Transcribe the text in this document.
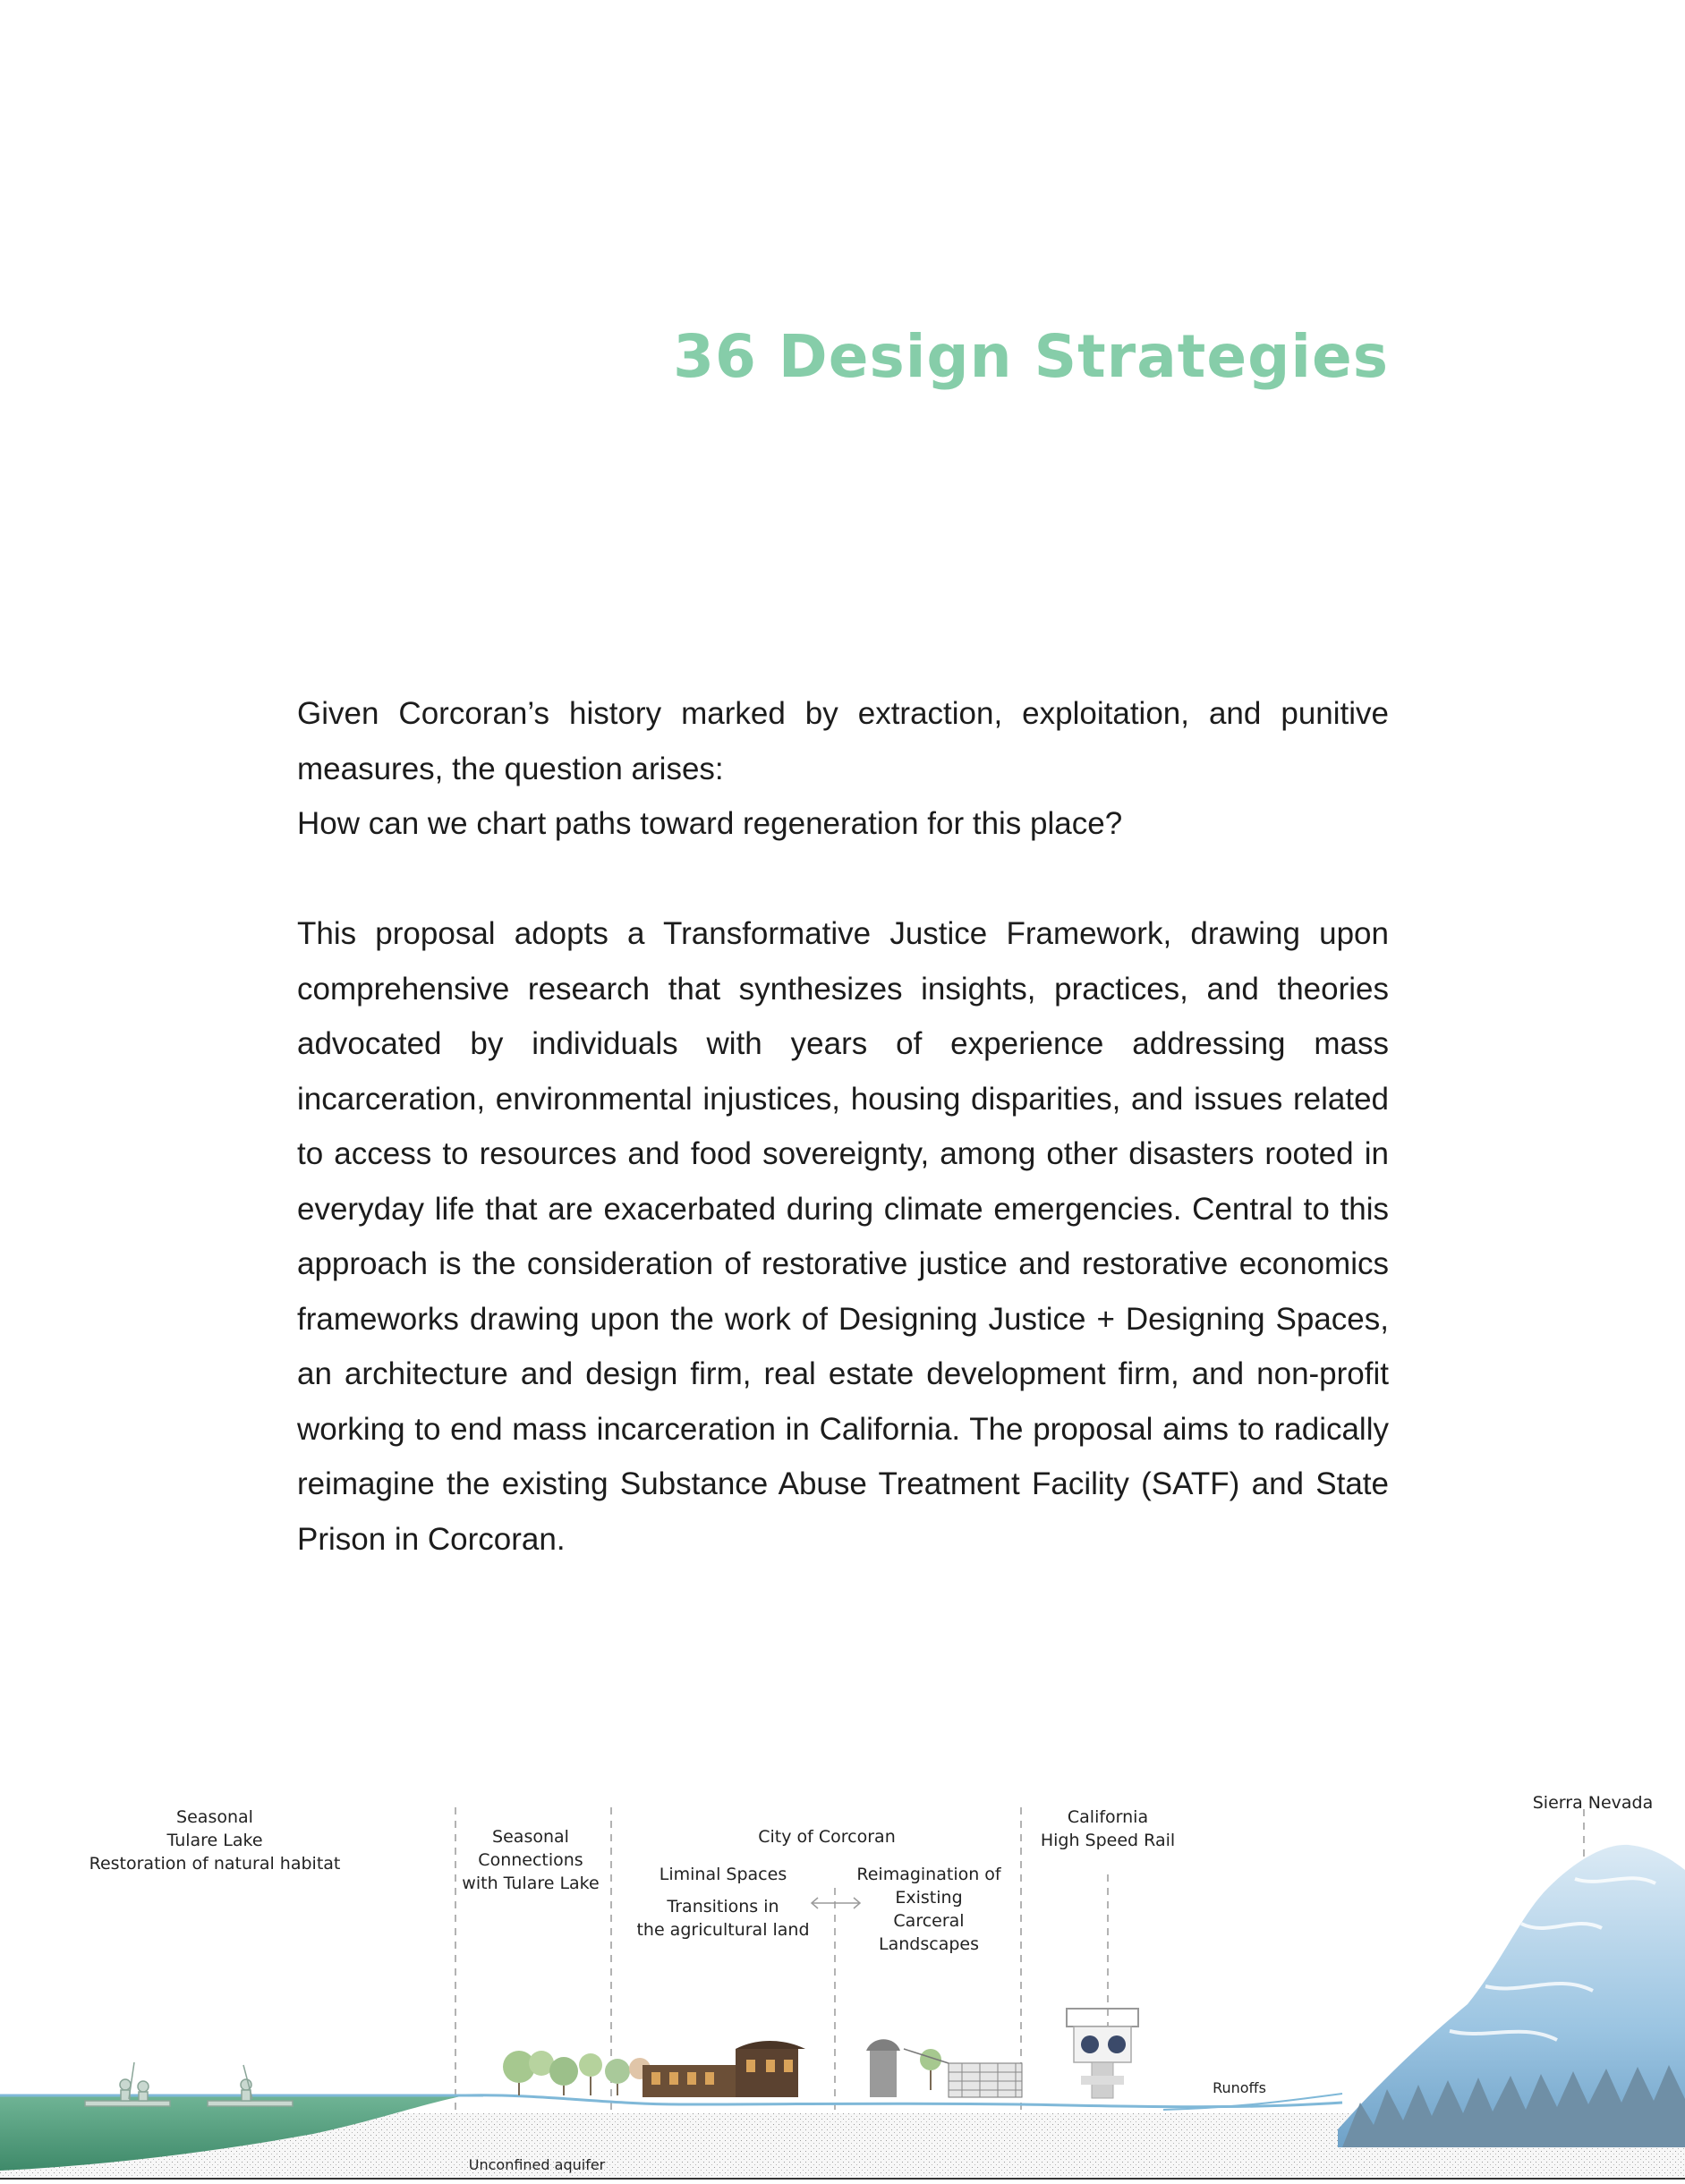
36 Design Strategies

Given Corcoran’s history marked by extraction, exploitation, and punitive measures, the question arises:

How can we chart paths toward regeneration for this place?

This proposal adopts a Transformative Justice Framework, drawing upon comprehensive research that synthesizes insights, practices, and theories advocated by individuals with years of experience addressing mass incarceration, environmental injustices, housing disparities, and issues related to access to resources and food sovereignty, among other disasters rooted in everyday life that are exacerbated during climate emergencies. Central to this approach is the consideration of restorative justice and restorative economics frameworks drawing upon the work of Designing Justice + Designing Spaces, an architecture and design firm, real estate development firm, and non-profit working to end mass incarceration in California. The proposal aims to radically reimagine the existing Substance Abuse Treatment Facility (SATF) and State Prison in Corcoran.

Seasonal
Tulare Lake
Restoration of natural habitat
Seasonal
Connections
with Tulare Lake
City of Corcoran
Liminal Spaces
Transitions in
the agricultural land
Reimagination of
Existing
Carceral
Landscapes
California
High Speed Rail
Sierra Nevada
Runoffs
Unconfined aquifer
